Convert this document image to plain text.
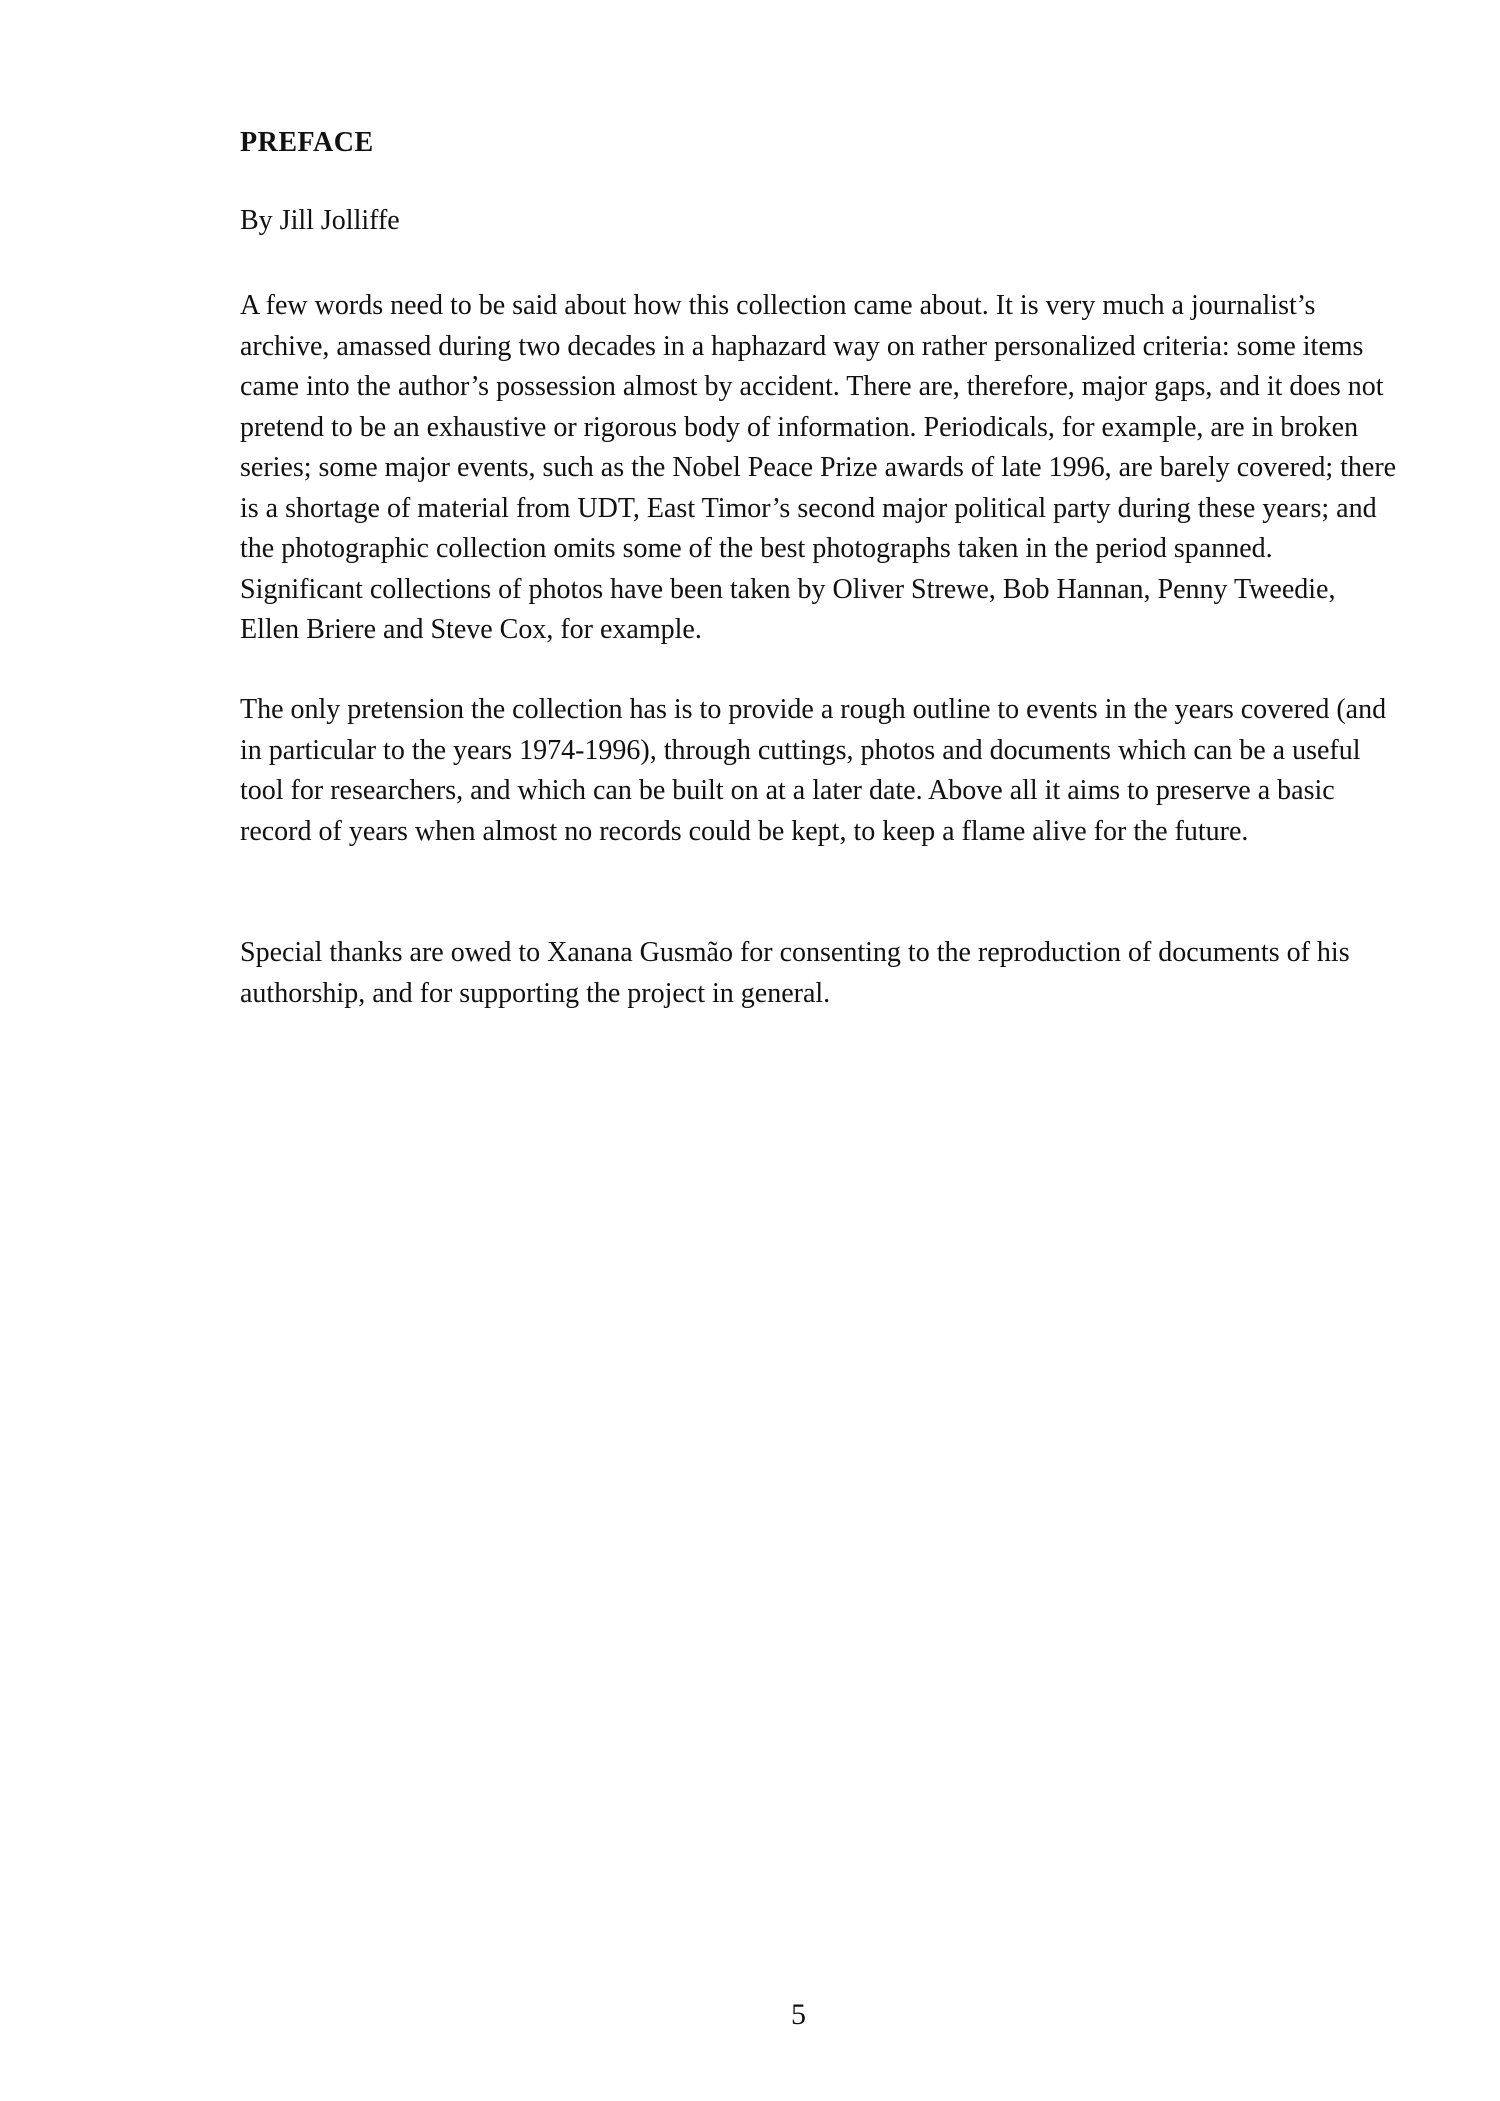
PREFACE

By Jill Jolliffe

A few words need to be said about how this collection came about. It is very much a journalist’s archive, amassed during two decades in a haphazard way on rather personalized criteria: some items came into the author’s possession almost by accident. There are, therefore, major gaps, and it does not pretend to be an exhaustive or rigorous body of information. Periodicals, for example, are in broken series; some major events, such as the Nobel Peace Prize awards of late 1996, are barely covered; there is a shortage of material from UDT, East Timor’s second major political party during these years; and the photographic collection omits some of the best photographs taken in the period spanned. Significant collections of photos have been taken by Oliver Strewe, Bob Hannan, Penny Tweedie, Ellen Briere and Steve Cox, for example.

The only pretension the collection has is to provide a rough outline to events in the years covered (and in particular to the years 1974-1996), through cuttings, photos and documents which can be a useful tool for researchers, and which can be built on at a later date. Above all it aims to preserve a basic record of years when almost no records could be kept, to keep a flame alive for the future.

Special thanks are owed to Xanana Gusmão for consenting to the reproduction of documents of his authorship, and for supporting the project in general.

5
